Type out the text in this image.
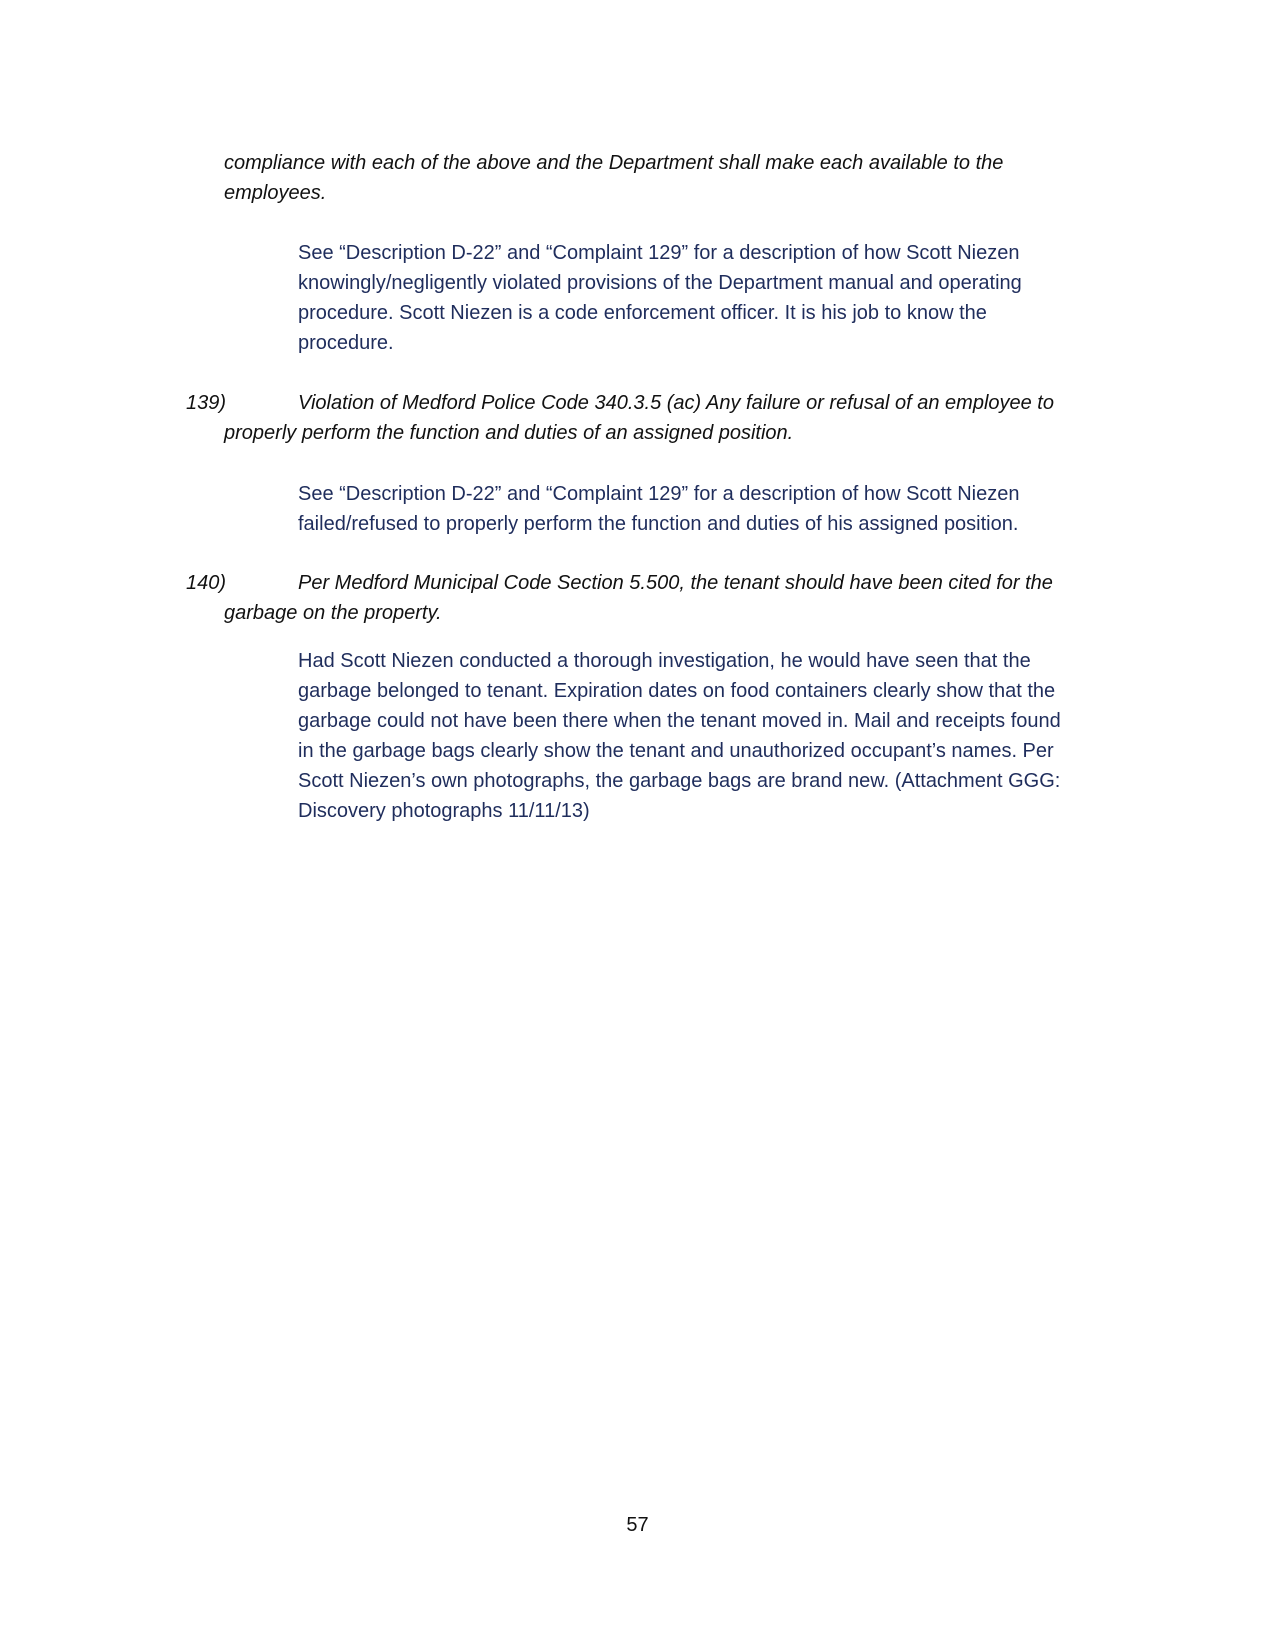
compliance with each of the above and the Department shall make each available to the
employees.
See “Description D-22” and “Complaint 129” for a description of how Scott Niezen
knowingly/negligently violated provisions of the Department manual and operating
procedure. Scott Niezen is a code enforcement officer. It is his job to know the
procedure.
139)	Violation of Medford Police Code 340.3.5 (ac) Any failure or refusal of an employee to
properly perform the function and duties of an assigned position.
See “Description D-22” and “Complaint 129” for a description of how Scott Niezen
failed/refused to properly perform the function and duties of his assigned position.
140)	Per Medford Municipal Code Section 5.500, the tenant should have been cited for the
garbage on the property.
Had Scott Niezen conducted a thorough investigation, he would have seen that the
garbage belonged to tenant. Expiration dates on food containers clearly show that the
garbage could not have been there when the tenant moved in. Mail and receipts found
in the garbage bags clearly show the tenant and unauthorized occupant’s names. Per
Scott Niezen’s own photographs, the garbage bags are brand new. (Attachment GGG:
Discovery photographs 11/11/13)
57
